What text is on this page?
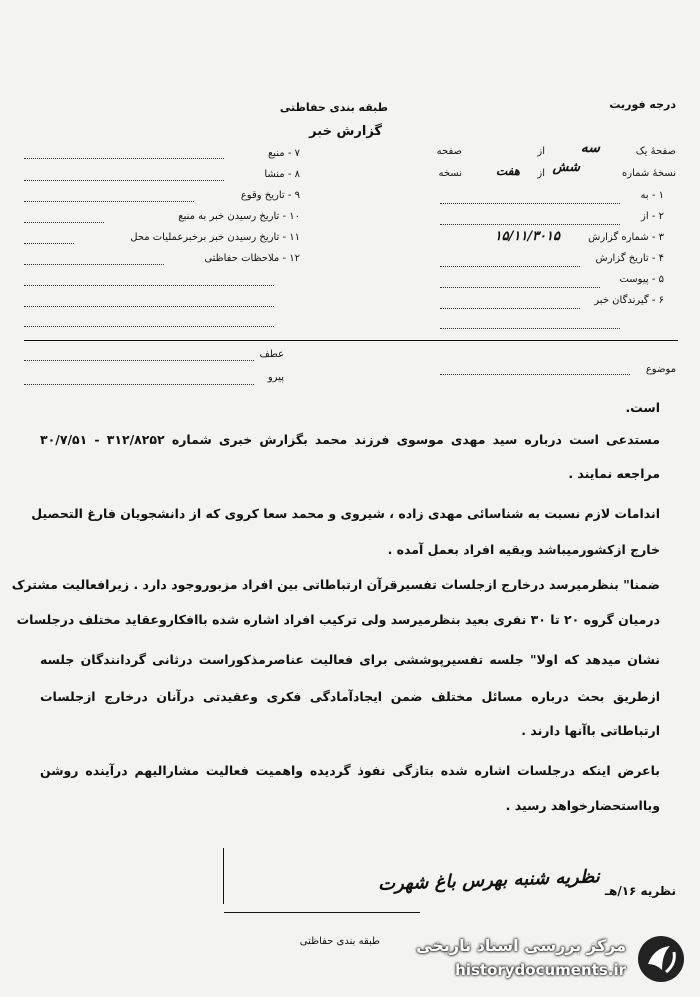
درجه فوریت
طبقه بندی حفاظتی
گزارش خبر
صفحهٔ یک
سه
از
صفحه
نسخهٔ شماره
شش
از
هفت
نسخه
۱ - به
۲ - از
۳ - شماره گزارش
۱۵/۱۱/۳۰۱۵
۴ - تاریخ گزارش
۵ - پیوست
۶ - گیرندگان خبر
۷ - منبع
۸ - منشا
۹ - تاریخ وقوع
۱۰ - تاریخ رسیدن خبر به منبع
۱۱ - تاریخ رسیدن خبر برخبرعملیات محل
۱۲ - ملاحظات حفاظتی
موضوع
عطف
پیرو
است.
مستدعی است درباره سید مهدی موسوی فرزند محمد بگزارش خبری شماره ۳۱۲/۸۲۵۲ - ۳۰/۷/۵۱
مراجعه نمایند .
اندامات لازم نسبت به شناسائی مهدی زاده ، شیروی و محمد سعا کروی که از دانشجویان فارغ التحصیل
خارج ازکشورمیباشد وبقیه افراد بعمل آمده .
ضمنا" بنظرمیرسد درخارج ازجلسات تفسیرقرآن ارتباطاتی بین افراد مزبوروجود دارد . زیرافعالیت مشترک
درمیان گروه ۲۰ تا ۳۰ نفری بعید بنظرمیرسد ولی ترکیب افراد اشاره شده باافکاروعقاید مختلف درجلسات
نشان میدهد که اولا" جلسه تفسیرپوششی برای فعالیت عناصرمذکوراست درثانی گردانندگان جلسه
ازطریق بحث درباره مسائل مختلف ضمن ایجادآمادگی فکری وعقیدتی درآنان درخارج ازجلسات
ارتباطاتی باآنها دارند .
باعرض اینکه درجلسات اشاره شده بتازگی نفوذ گردیده واهمیت فعالیت مشارالیهم درآینده روشن
وبااستحضارخواهد رسید .
نظریه ۱۶/هـ
نظریه شنبه بهرس باغ شهرت
طبقه بندی حفاظتی مرکز بررسی اسناد تاریخی
historydocuments.ir
